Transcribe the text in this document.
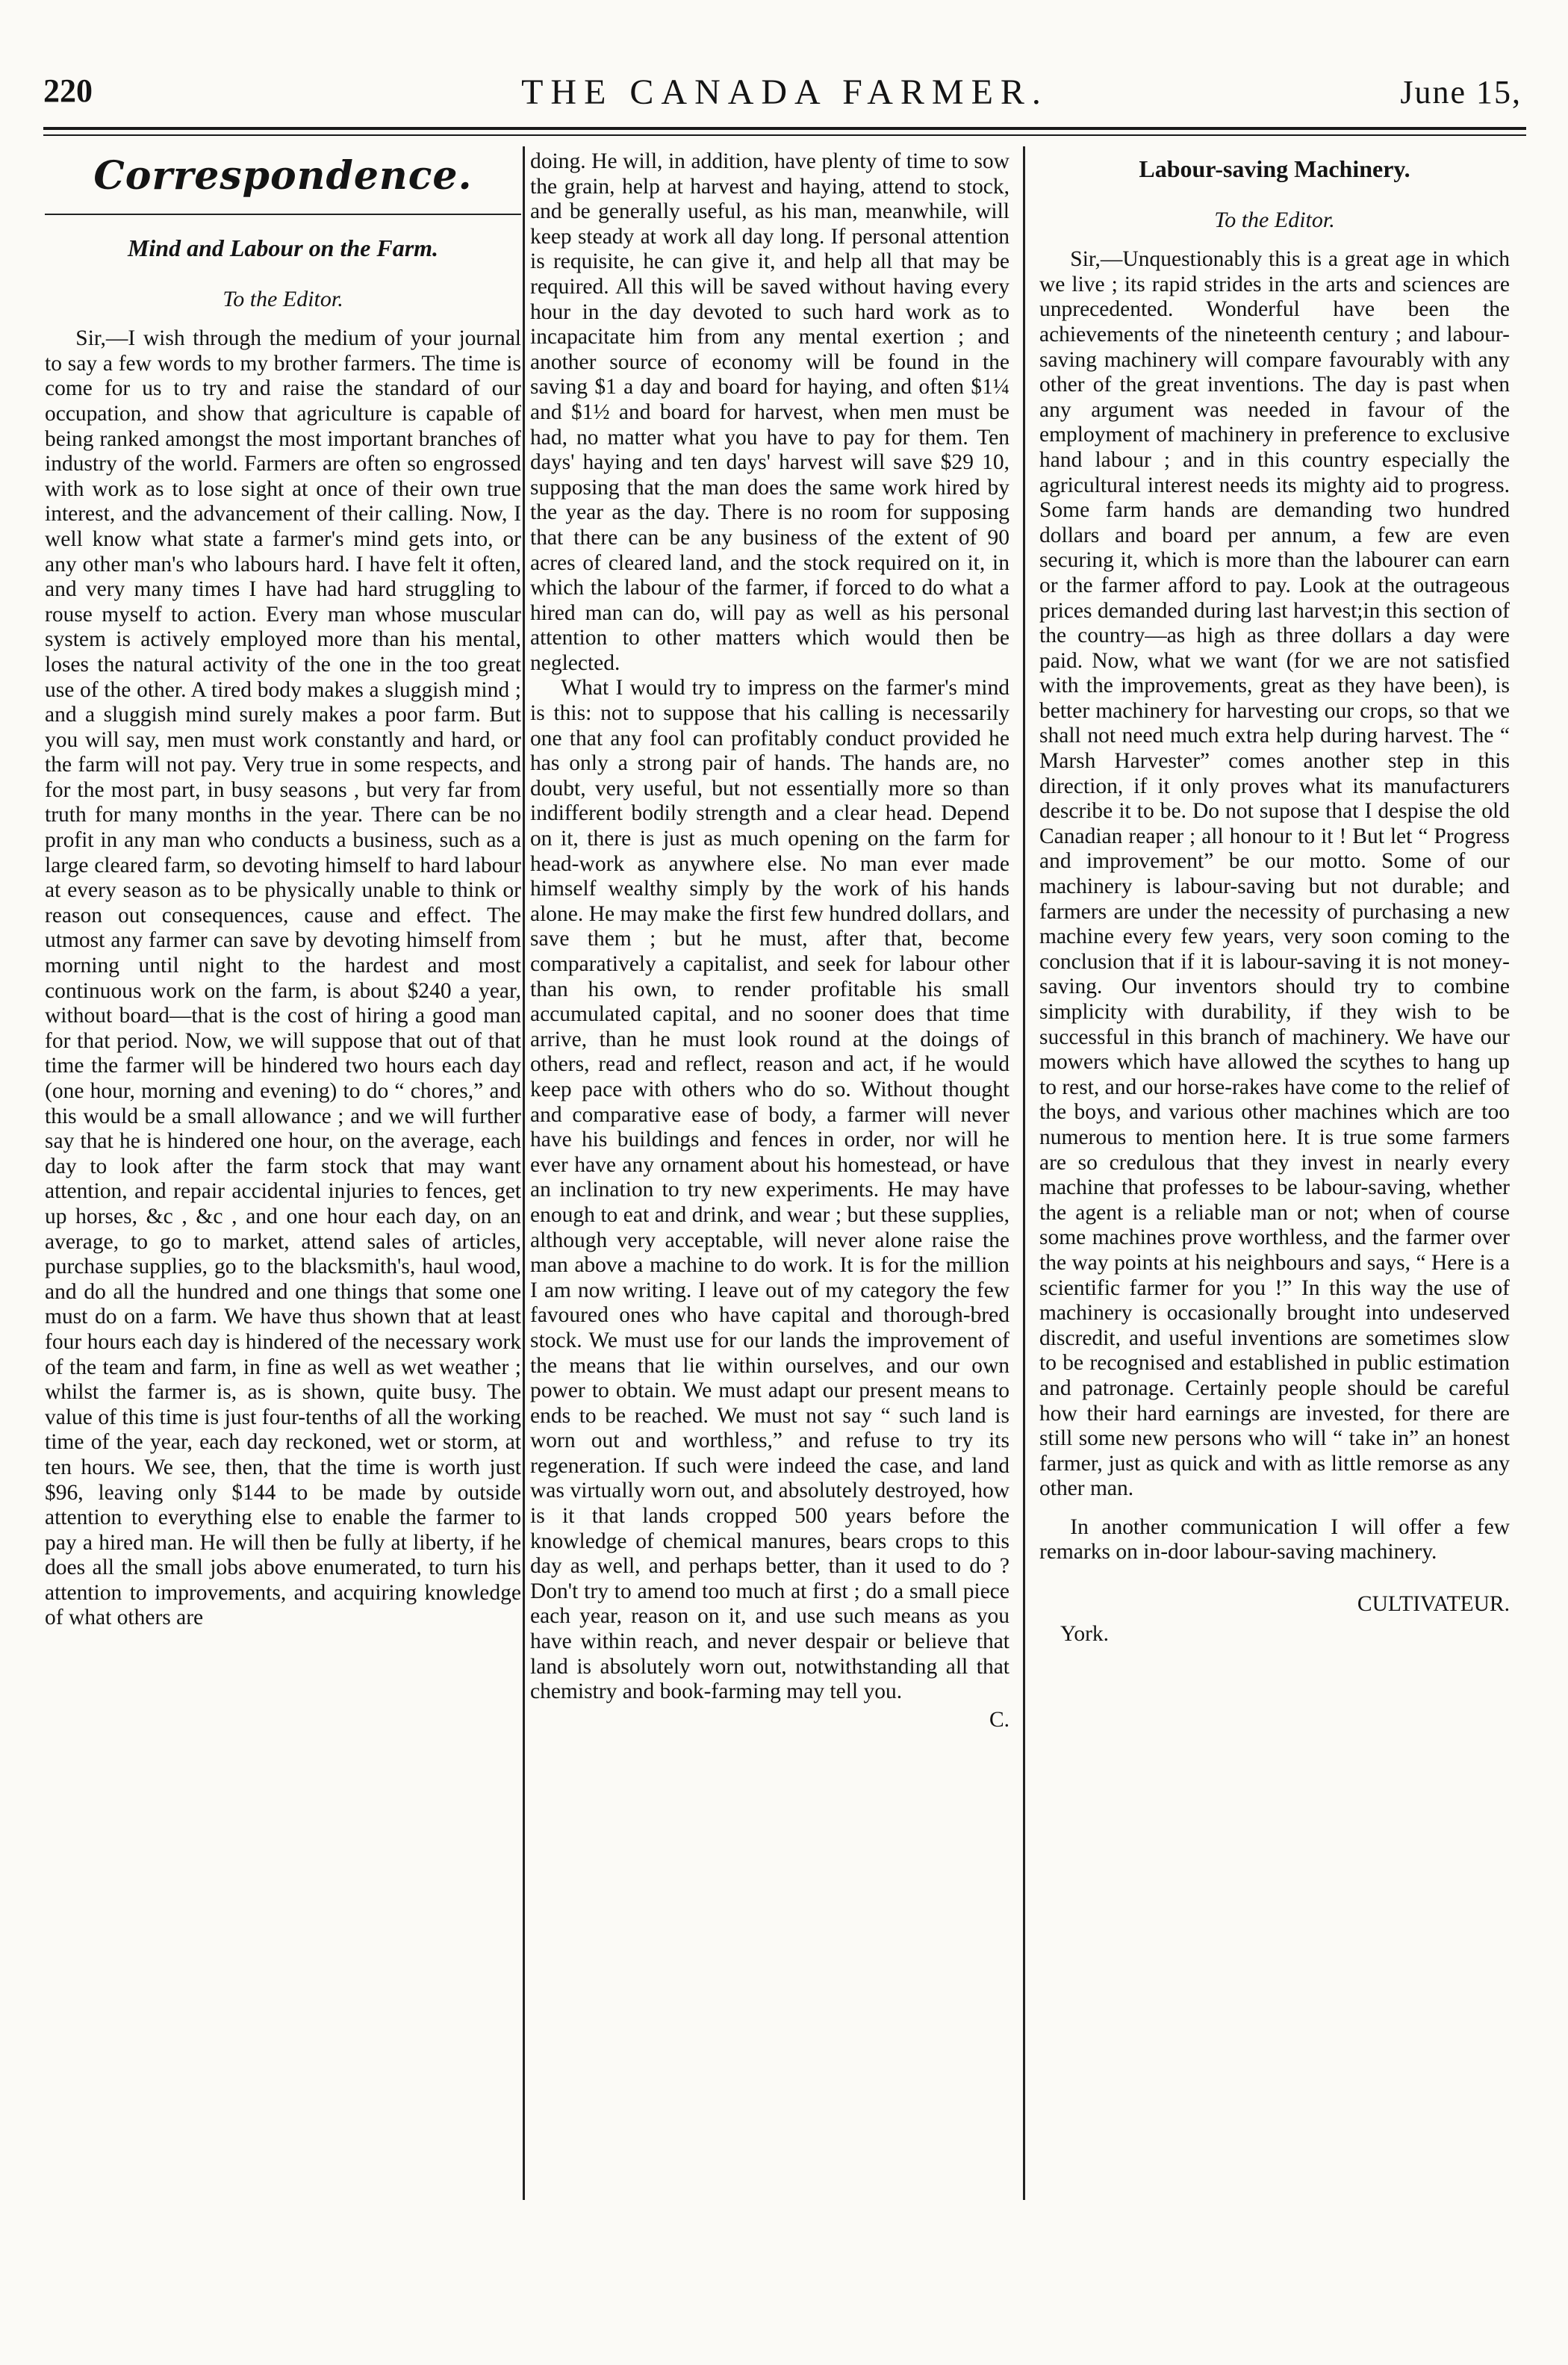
220	THE CANADA FARMER.	June 15,
Correspondence.
Mind and Labour on the Farm.
To the Editor.

Sir,—I wish through the medium of your journal to say a few words to my brother farmers. The time is come for us to try and raise the standard of our occupation, and show that agriculture is capable of being ranked amongst the most important branches of industry of the world. Farmers are often so engrossed with work as to lose sight at once of their own true interest, and the advancement of their calling. Now, I well know what state a farmer's mind gets into, or any other man's who labours hard. I have felt it often, and very many times I have had hard struggling to rouse myself to action. Every man whose muscular system is actively employed more than his mental, loses the natural activity of the one in the too great use of the other. A tired body makes a sluggish mind ; and a sluggish mind surely makes a poor farm. But you will say, men must work constantly and hard, or the farm will not pay. Very true in some respects, and for the most part, in busy seasons , but very far from truth for many months in the year. There can be no profit in any man who conducts a business, such as a large cleared farm, so devoting himself to hard labour at every season as to be physically unable to think or reason out consequences, cause and effect. The utmost any farmer can save by devoting himself from morning until night to the hardest and most continuous work on the farm, is about $240 a year, without board—that is the cost of hiring a good man for that period. Now, we will suppose that out of that time the farmer will be hindered two hours each day (one hour, morning and evening) to do “ chores,” and this would be a small allowance ; and we will further say that he is hindered one hour, on the average, each day to look after the farm stock that may want attention, and repair accidental injuries to fences, get up horses, &c , &c , and one hour each day, on an average, to go to market, attend sales of articles, purchase supplies, go to the blacksmith's, haul wood, and do all the hundred and one things that some one must do on a farm. We have thus shown that at least four hours each day is hindered of the necessary work of the team and farm, in fine as well as wet weather ; whilst the farmer is, as is shown, quite busy. The value of this time is just four-tenths of all the working time of the year, each day reckoned, wet or storm, at ten hours. We see, then, that the time is worth just $96, leaving only $144 to be made by outside attention to everything else to enable the farmer to pay a hired man. He will then be fully at liberty, if he does all the small jobs above enumerated, to turn his attention to improvements, and acquiring knowledge of what others are

doing. He will, in addition, have plenty of time to sow the grain, help at harvest and haying, attend to stock, and be generally useful, as his man, meanwhile, will keep steady at work all day long. If personal attention is requisite, he can give it, and help all that may be required. All this will be saved without having every hour in the day devoted to such hard work as to incapacitate him from any mental exertion ; and another source of economy will be found in the saving $1 a day and board for haying, and often $1¼ and $1½ and board for harvest, when men must be had, no matter what you have to pay for them. Ten days' haying and ten days' harvest will save $29 10, supposing that the man does the same work hired by the year as the day. There is no room for supposing that there can be any business of the extent of 90 acres of cleared land, and the stock required on it, in which the labour of the farmer, if forced to do what a hired man can do, will pay as well as his personal attention to other matters which would then be neglected.

What I would try to impress on the farmer's mind is this: not to suppose that his calling is necessarily one that any fool can profitably conduct provided he has only a strong pair of hands. The hands are, no doubt, very useful, but not essentially more so than indifferent bodily strength and a clear head. Depend on it, there is just as much opening on the farm for head-work as anywhere else. No man ever made himself wealthy simply by the work of his hands alone. He may make the first few hundred dollars, and save them ; but he must, after that, become comparatively a capitalist, and seek for labour other than his own, to render profitable his small accumulated capital, and no sooner does that time arrive, than he must look round at the doings of others, read and reflect, reason and act, if he would keep pace with others who do so. Without thought and comparative ease of body, a farmer will never have his buildings and fences in order, nor will he ever have any ornament about his homestead, or have an inclination to try new experiments. He may have enough to eat and drink, and wear ; but these supplies, although very acceptable, will never alone raise the man above a machine to do work. It is for the million I am now writing. I leave out of my category the few favoured ones who have capital and thorough-bred stock. We must use for our lands the improvement of the means that lie within ourselves, and our own power to obtain. We must adapt our present means to ends to be reached. We must not say “ such land is worn out and worthless,” and refuse to try its regeneration. If such were indeed the case, and land was virtually worn out, and absolutely destroyed, how is it that lands cropped 500 years before the knowledge of chemical manures, bears crops to this day as well, and perhaps better, than it used to do ? Don't try to amend too much at first ; do a small piece each year, reason on it, and use such means as you have within reach, and never despair or believe that land is absolutely worn out, notwithstanding all that chemistry and book-farming may tell you.

C.

Labour-saving Machinery.
To the Editor.

Sir,—Unquestionably this is a great age in which we live ; its rapid strides in the arts and sciences are unprecedented. Wonderful have been the achievements of the nineteenth century ; and labour-saving machinery will compare favourably with any other of the great inventions. The day is past when any argument was needed in favour of the employment of machinery in preference to exclusive hand labour ; and in this country especially the agricultural interest needs its mighty aid to progress. Some farm hands are demanding two hundred dollars and board per annum, a few are even securing it, which is more than the labourer can earn or the farmer afford to pay. Look at the outrageous prices demanded during last harvest;in this section of the country—as high as three dollars a day were paid. Now, what we want (for we are not satisfied with the improvements, great as they have been), is better machinery for harvesting our crops, so that we shall not need much extra help during harvest. The “ Marsh Harvester” comes another step in this direction, if it only proves what its manufacturers describe it to be. Do not supose that I despise the old Canadian reaper ; all honour to it ! But let “ Progress and improvement” be our motto. Some of our machinery is labour-saving but not durable; and farmers are under the necessity of purchasing a new machine every few years, very soon coming to the conclusion that if it is labour-saving it is not money-saving. Our inventors should try to combine simplicity with durability, if they wish to be successful in this branch of machinery. We have our mowers which have allowed the scythes to hang up to rest, and our horse-rakes have come to the relief of the boys, and various other machines which are too numerous to mention here. It is true some farmers are so credulous that they invest in nearly every machine that professes to be labour-saving, whether the agent is a reliable man or not; when of course some machines prove worthless, and the farmer over the way points at his neighbours and says, “ Here is a scientific farmer for you !” In this way the use of machinery is occasionally brought into undeserved discredit, and useful inventions are sometimes slow to be recognised and established in public estimation and patronage. Certainly people should be careful how their hard earnings are invested, for there are still some new persons who will “ take in” an honest farmer, just as quick and with as little remorse as any other man.

In another communication I will offer a few remarks on in-door labour-saving machinery.

York.
CULTIVATEUR.
